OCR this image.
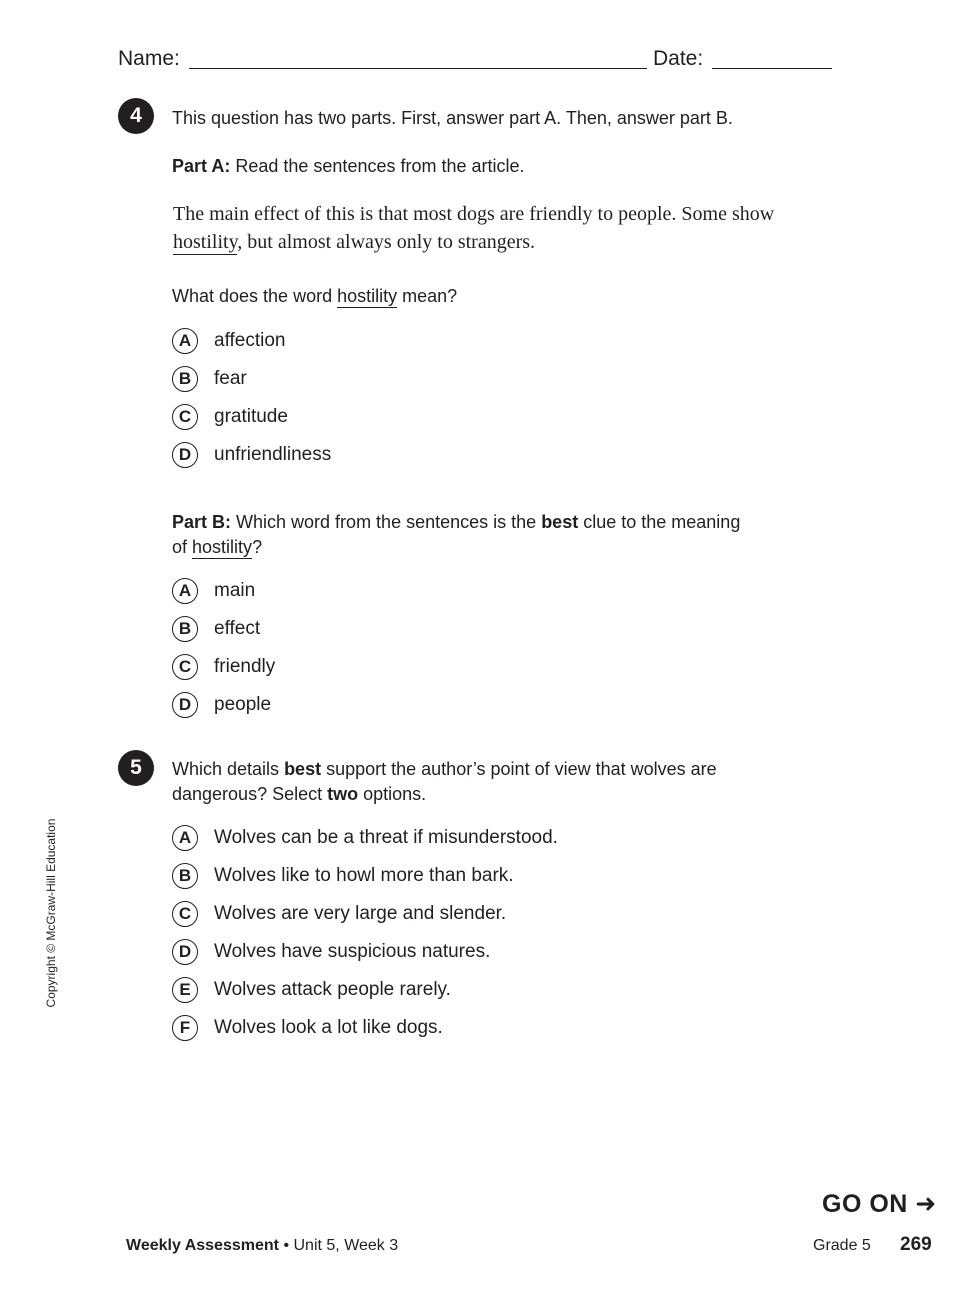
Name:	Date:
4	This question has two parts. First, answer part A. Then, answer part B.
Part A: Read the sentences from the article.
The main effect of this is that most dogs are friendly to people. Some show
hostility, but almost always only to strangers.
What does the word hostility mean?
A	affection
B	fear
C	gratitude
D	unfriendliness
Part B: Which word from the sentences is the best clue to the meaning
of hostility?
A	main
B	effect
C	friendly
D	people
5	Which details best support the author’s point of view that wolves are
dangerous? Select two options.
A	Wolves can be a threat if misunderstood.
B	Wolves like to howl more than bark.
C	Wolves are very large and slender.
D	Wolves have suspicious natures.
E	Wolves attack people rarely.
F	Wolves look a lot like dogs.
Copyright © McGraw-Hill Education
GO ON ➜
Weekly Assessment • Unit 5, Week 3	Grade 5 269
